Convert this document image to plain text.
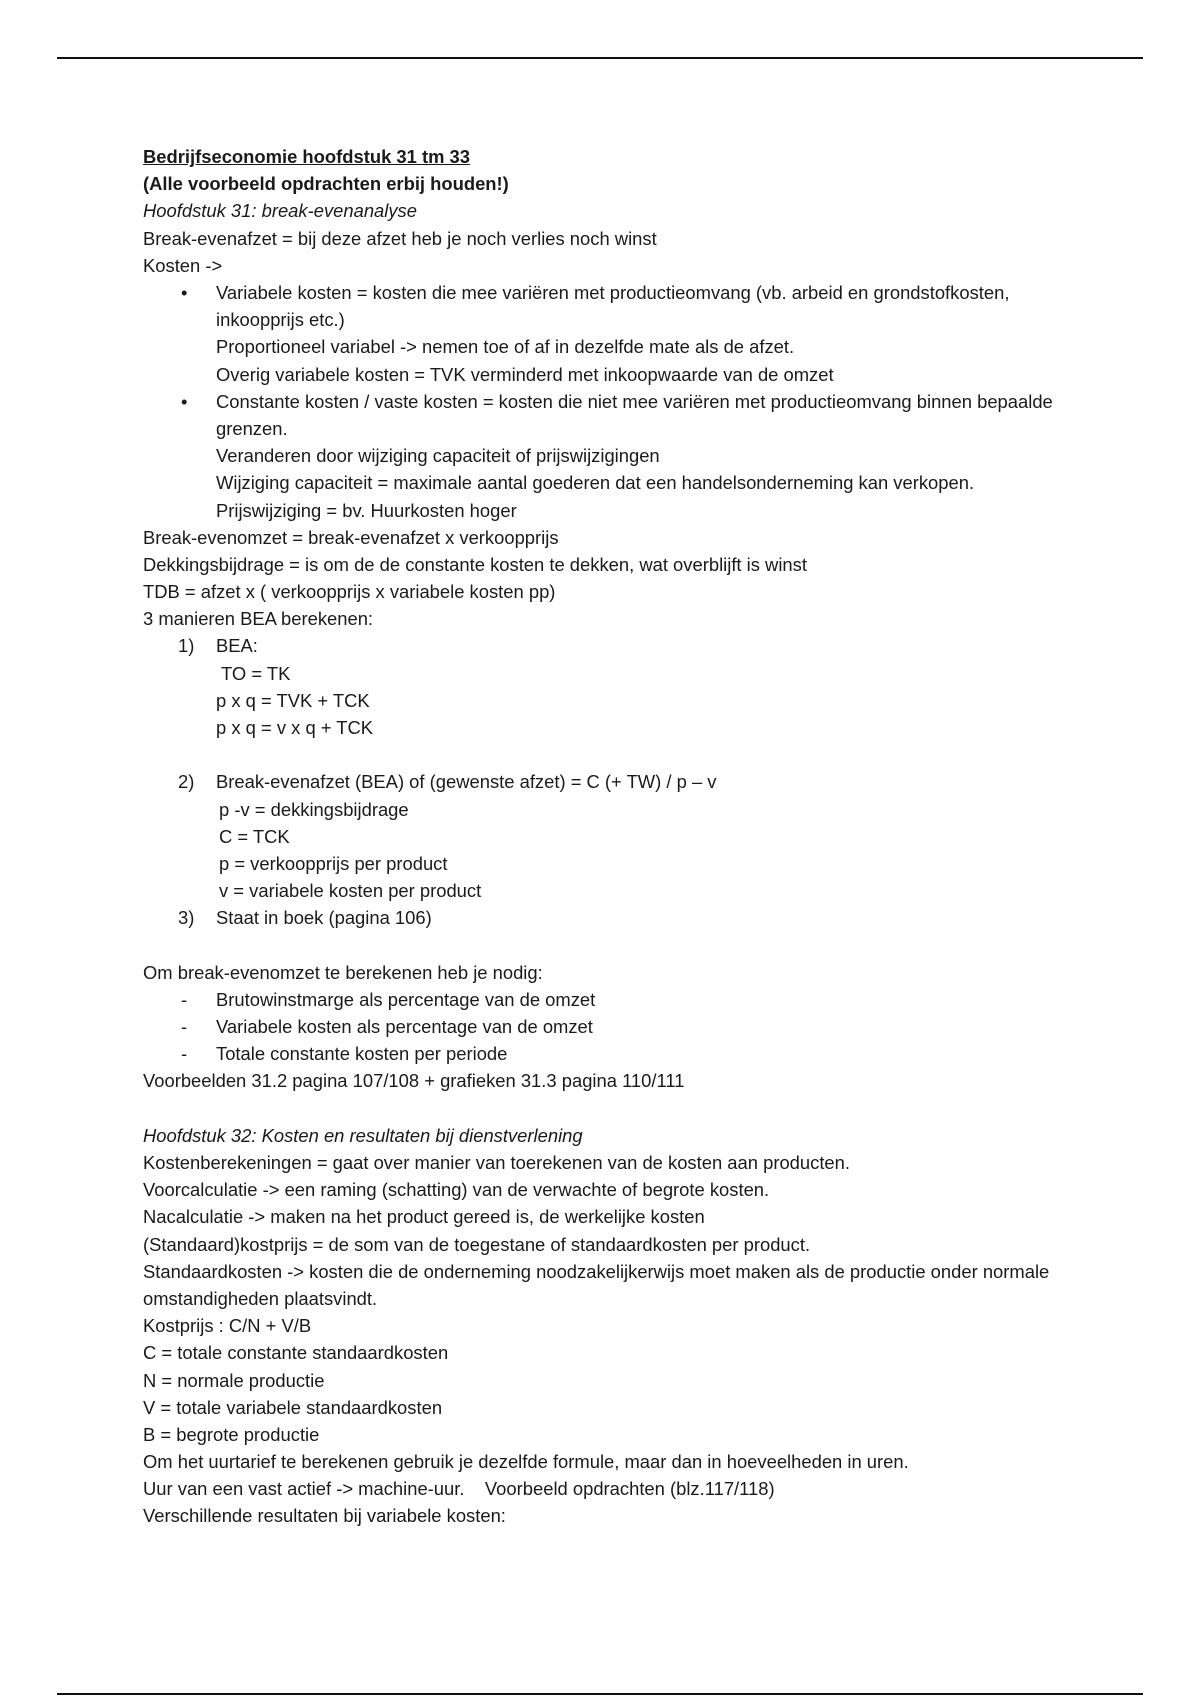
Bedrijfseconomie hoofdstuk 31 tm 33
(Alle voorbeeld opdrachten erbij houden!)
Hoofdstuk 31: break-evenanalyse
Break-evenafzet = bij deze afzet heb je noch verlies noch winst
Kosten ->
• Variabele kosten = kosten die mee variëren met productieomvang (vb. arbeid en grondstofkosten, inkoopprijs etc.)
Proportioneel variabel -> nemen toe of af in dezelfde mate als de afzet.
Overig variabele kosten = TVK verminderd met inkoopwaarde van de omzet
• Constante kosten / vaste kosten = kosten die niet mee variëren met productieomvang binnen bepaalde grenzen.
Veranderen door wijziging capaciteit of prijswijzigingen
Wijziging capaciteit = maximale aantal goederen dat een handelsonderneming kan verkopen.
Prijswijziging = bv. Huurkosten hoger
Break-evenomzet = break-evenafzet x verkoopprijs
Dekkingsbijdrage = is om de de constante kosten te dekken, wat overblijft is winst
TDB = afzet x ( verkoopprijs x variabele kosten pp)
3 manieren BEA berekenen:
1) BEA:
TO = TK
p x q = TVK + TCK
p x q = v x q + TCK
2) Break-evenafzet (BEA) of (gewenste afzet) = C (+ TW) / p – v
p -v = dekkingsbijdrage
C = TCK
p = verkoopprijs per product
v = variabele kosten per product
3) Staat in boek (pagina 106)
Om break-evenomzet te berekenen heb je nodig:
- Brutowinstmarge als percentage van de omzet
- Variabele kosten als percentage van de omzet
- Totale constante kosten per periode
Voorbeelden 31.2 pagina 107/108 + grafieken 31.3 pagina 110/111
Hoofdstuk 32: Kosten en resultaten bij dienstverlening
Kostenberekeningen = gaat over manier van toerekenen van de kosten aan producten.
Voorcalculatie -> een raming (schatting) van de verwachte of begrote kosten.
Nacalculatie -> maken na het product gereed is, de werkelijke kosten
(Standaard)kostprijs = de som van de toegestane of standaardkosten per product.
Standaardkosten -> kosten die de onderneming noodzakelijkerwijs moet maken als de productie onder normale omstandigheden plaatsvindt.
Kostprijs : C/N + V/B
C = totale constante standaardkosten
N = normale productie
V = totale variabele standaardkosten
B = begrote productie
Om het uurtarief te berekenen gebruik je dezelfde formule, maar dan in hoeveelheden in uren.
Uur van een vast actief -> machine-uur.    Voorbeeld opdrachten (blz.117/118)
Verschillende resultaten bij variabele kosten:
